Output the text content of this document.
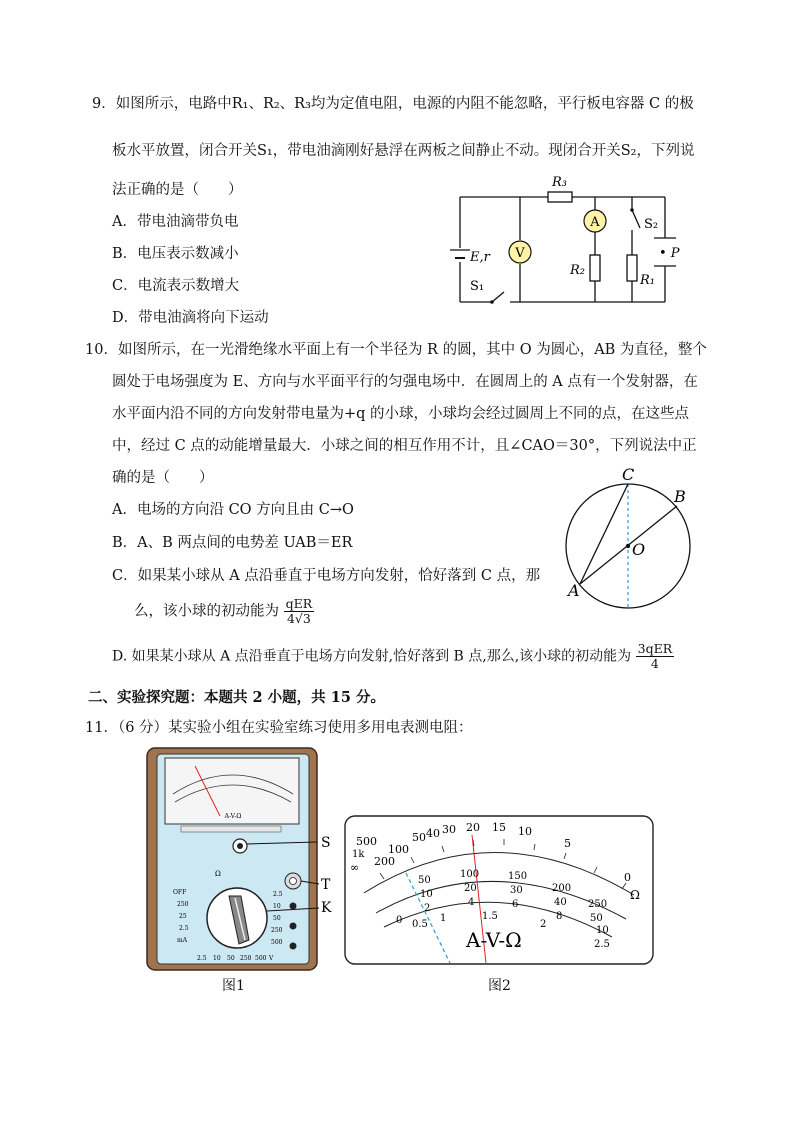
9．如图所示，电路中R₁、R₂、R₃均为定值电阻，电源的内阻不能忽略，平行板电容器 C 的极
板水平放置，闭合开关S₁，带电油滴刚好悬浮在两板之间静止不动。现闭合开关S₂，下列说
法正确的是（　　）
A．带电油滴带负电
B．电压表示数减小
C．电流表示数增大
D．带电油滴将向下运动
V
A
R₃
S₂
• P
E,r
R₂
R₁
S₁
10．如图所示，在一光滑绝缘水平面上有一个半径为 R 的圆，其中 O 为圆心，AB 为直径，整个
圆处于电场强度为 E、方向与水平面平行的匀强电场中．在圆周上的 A 点有一个发射器，在
水平面内沿不同的方向发射带电量为+q 的小球，小球均会经过圆周上不同的点，在这些点
中，经过 C 点的动能增量最大．小球之间的相互作用不计，且∠CAO＝30°，下列说法中正
确的是（　　）
A．电场的方向沿 CO 方向且由 C→O
B．A、B 两点间的电势差 UAB＝ER
C．如果某小球从 A 点沿垂直于电场方向发射，恰好落到 C 点，那
么，该小球的初动能为 $\frac{\text{qER}}{4√3}$
D. 如果某小球从 A 点沿垂直于电场方向发射,恰好落到 B 点,那么,该小球的初动能为 $\frac{\text{3qER}}{4}$
C
B
O
A
二、实验探究题：本题共 2 小题，共 15 分。
11．（6 分）某实验小组在实验室练习使用多用电表测电阻：
A-V-Ω
Ω
OFF
250
25
2.5
mA
2.5
10
50
250
500
2.5 10 50 250 500 V
S
T
K
500
1k
200
100
50 40 30 20 15 10
5
0
∞
Ω
50
100	150
200
250
10
20	30
40
50
2
4	6
8
10
0 0.5
1	1.5
2
2.5
A-V-Ω
图1	图2
